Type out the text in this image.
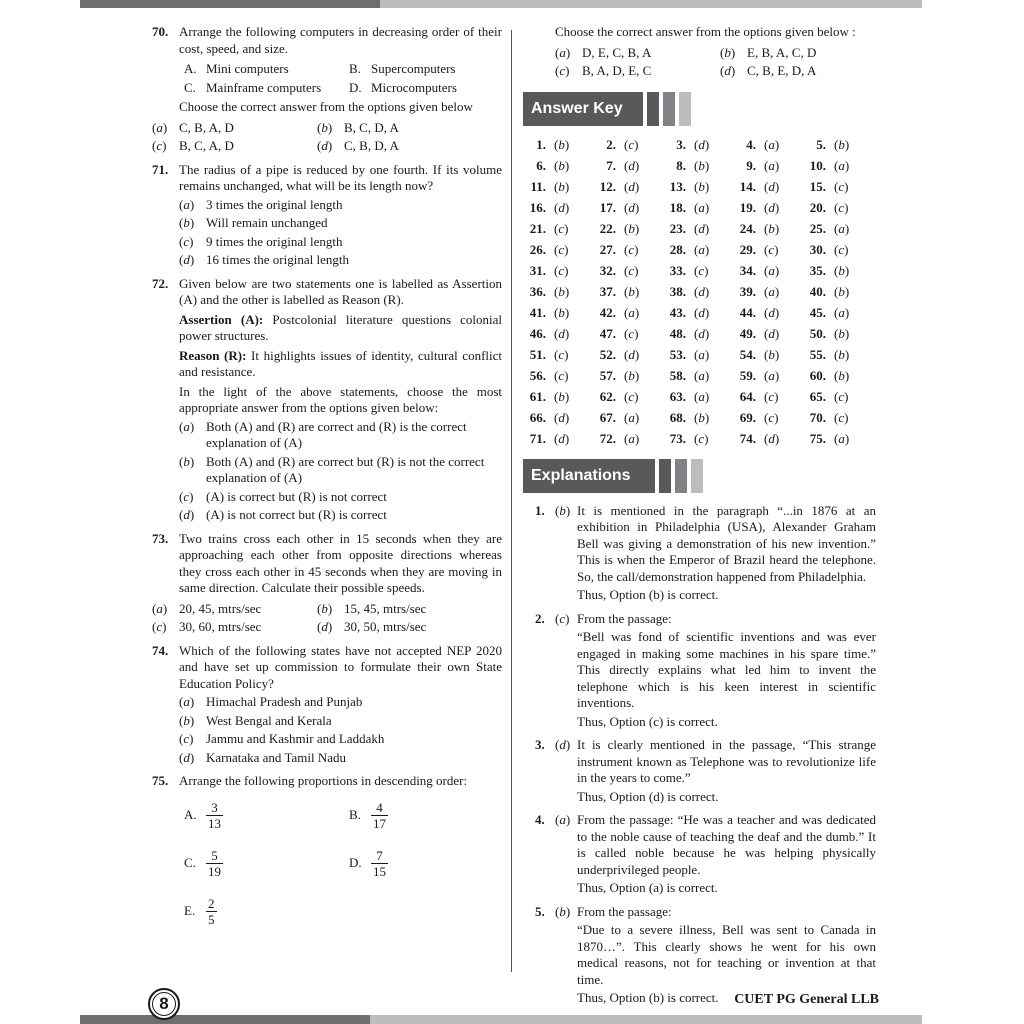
70. Arrange the following computers in decreasing order of their cost, speed, and size.
A. Mini computers	B. Supercomputers
C. Mainframe computers	D. Microcomputers
Choose the correct answer from the options given below
( a )	C, B, A, D	( b )	B, C, D, A
( c )	B, C, A, D	( d )	C, B, D, A
71. The radius of a pipe is reduced by one fourth. If its volume remains unchanged, what will be its length now?
( a )	3 times the original length
( b )	Will remain unchanged
( c )	9 times the original length
( d )	16 times the original length
72. Given below are two statements one is labelled as Assertion (A) and the other is labelled as Reason (R).
Assertion (A): Postcolonial literature questions colonial power structures.
Reason (R): It highlights issues of identity, cultural conflict and resistance.
In the light of the above statements, choose the most appropriate answer from the options given below:
( a )	Both (A) and (R) are correct and (R) is the correct explanation of (A)
( b )	Both (A) and (R) are correct but (R) is not the correct explanation of (A)
( c )	(A) is correct but (R) is not correct
( d )	(A) is not correct but (R) is correct
73. Two trains cross each other in 15 seconds when they are approaching each other from opposite directions whereas they cross each other in 45 seconds when they are moving in same direction. Calculate their possible speeds.
( a )	20, 45, mtrs/sec	( b )	15, 45, mtrs/sec
( c )	30, 60, mtrs/sec	( d )	30, 50, mtrs/sec
74. Which of the following states have not accepted NEP 2020 and have set up commission to formulate their own State Education Policy?
( a )	Himachal Pradesh and Punjab
( b )	West Bengal and Kerala
( c )	Jammu and Kashmir and Laddakh
( d )	Karnataka and Tamil Nadu
75. Arrange the following proportions in descending order:
A. $\frac{3}{13}$	B. $\frac{4}{17}$
C. $\frac{5}{19}$	D. $\frac{7}{15}$
E. $\frac{2}{5}$
Choose the correct answer from the options given below :
( a )	D, E, C, B, A	( b )	E, B, A, C, D
( c )	B, A, D, E, C	( d )	C, B, E, D, A
Answer Key
1. ( b )	2. ( c )	3. ( d )	4. ( a )	5. ( b )
6. ( b )	7. ( d )	8. ( b )	9. ( a )	10. ( a )
11. ( b )	12. ( d )	13. ( b )	14. ( d )	15. ( c )
16. ( d )	17. ( d )	18. ( a )	19. ( d )	20. ( c )
21. ( c )	22. ( b )	23. ( d )	24. ( b )	25. ( a )
26. ( c )	27. ( c )	28. ( a )	29. ( c )	30. ( c )
31. ( c )	32. ( c )	33. ( c )	34. ( a )	35. ( b )
36. ( b )	37. ( b )	38. ( d )	39. ( a )	40. ( b )
41. ( b )	42. ( a )	43. ( d )	44. ( d )	45. ( a )
46. ( d )	47. ( c )	48. ( d )	49. ( d )	50. ( b )
51. ( c )	52. ( d )	53. ( a )	54. ( b )	55. ( b )
56. ( c )	57. ( b )	58. ( a )	59. ( a )	60. ( b )
61. ( b )	62. ( c )	63. ( a )	64. ( c )	65. ( c )
66. ( d )	67. ( a )	68. ( b )	69. ( c )	70. ( c )
71. ( d )	72. ( a )	73. ( c )	74. ( d )	75. ( a )
Explanations
1.	( b ) It is mentioned in the paragraph “...in 1876 at an exhibition in Philadelphia (USA), Alexander Graham Bell was giving a demonstration of his new invention.” This is when the Emperor of Brazil heard the telephone. So, the call/demonstration happened from Philadelphia.

Thus, Option (b) is correct.

2.	( c ) From the passage:

“Bell was fond of scientific inventions and was ever engaged in making some machines in his spare time.” This directly explains what led him to invent the telephone which is his keen interest in scientific inventions.

Thus, Option (c) is correct.

3.	( d ) It is clearly mentioned in the passage, “This strange instrument known as Telephone was to revolutionize life in the years to come.”

Thus, Option (d) is correct.

4.	( a ) From the passage: “He was a teacher and was dedicated to the noble cause of teaching the deaf and the dumb.” It is called noble because he was helping physically underprivileged people.

Thus, Option (a) is correct.

5.	( b ) From the passage:

“Due to a severe illness, Bell was sent to Canada in 1870…”. This clearly shows he went for his own medical reasons, not for teaching or invention at that time.

Thus, Option (b) is correct.

8	CUET PG General LLB
